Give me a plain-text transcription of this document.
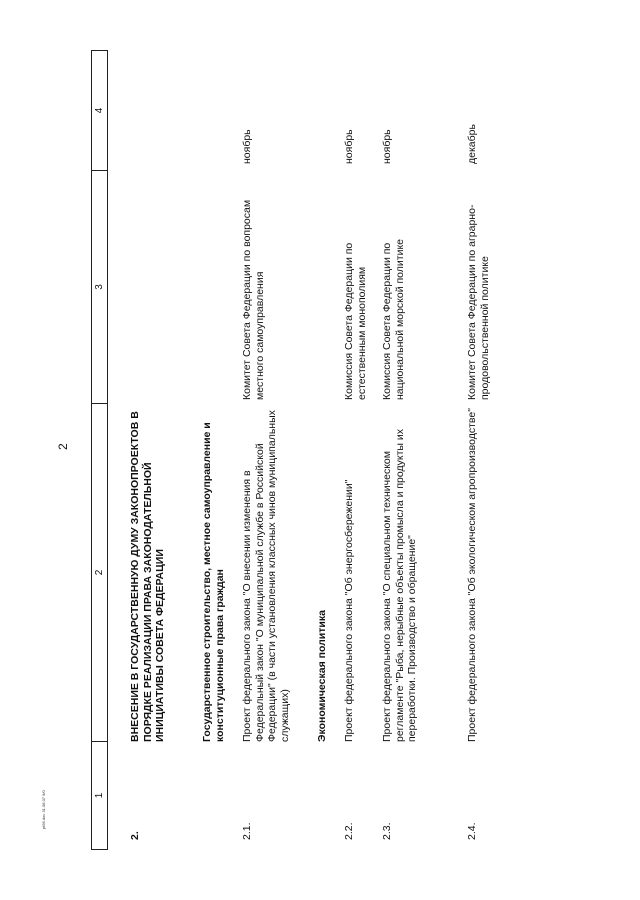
2
pt56.doc 31.08.07 9/0	1
2
3
4
2.
ВНЕСЕНИЕ В ГОСУДАРСТВЕННУЮ ДУМУ ЗАКОНОПРОЕКТОВ В ПОРЯДКЕ РЕАЛИЗАЦИИ ПРАВА ЗАКОНОДАТЕЛЬНОЙ ИНИЦИАТИВЫ СОВЕТА ФЕДЕРАЦИИ	Государственное строительство, местное самоуправление и конституционные права граждан
2.1.
Проект федерального закона "О внесении изменения в Федеральный закон "О муниципальной службе в Российской Федерации" (в части установления классных чинов муниципальных служащих)
Комитет Совета Федерации по вопросам местного самоуправления
ноябрь
Экономическая политика
2.2.
Проект федерального закона "Об энергосбережении"
Комиссия Совета Федерации по естественным монополиям
ноябрь
2.3.
Проект федерального закона "О специальном техническом регламенте "Рыба, нерыбные объекты промысла и продукты их переработки. Производство и обращение"
Комиссия Совета Федерации по национальной морской политике
ноябрь
2.4.
Проект федерального закона "Об экологическом агропроизводстве"
Комитет Совета Федерации по аграрно-продовольственной политике
декабрь
